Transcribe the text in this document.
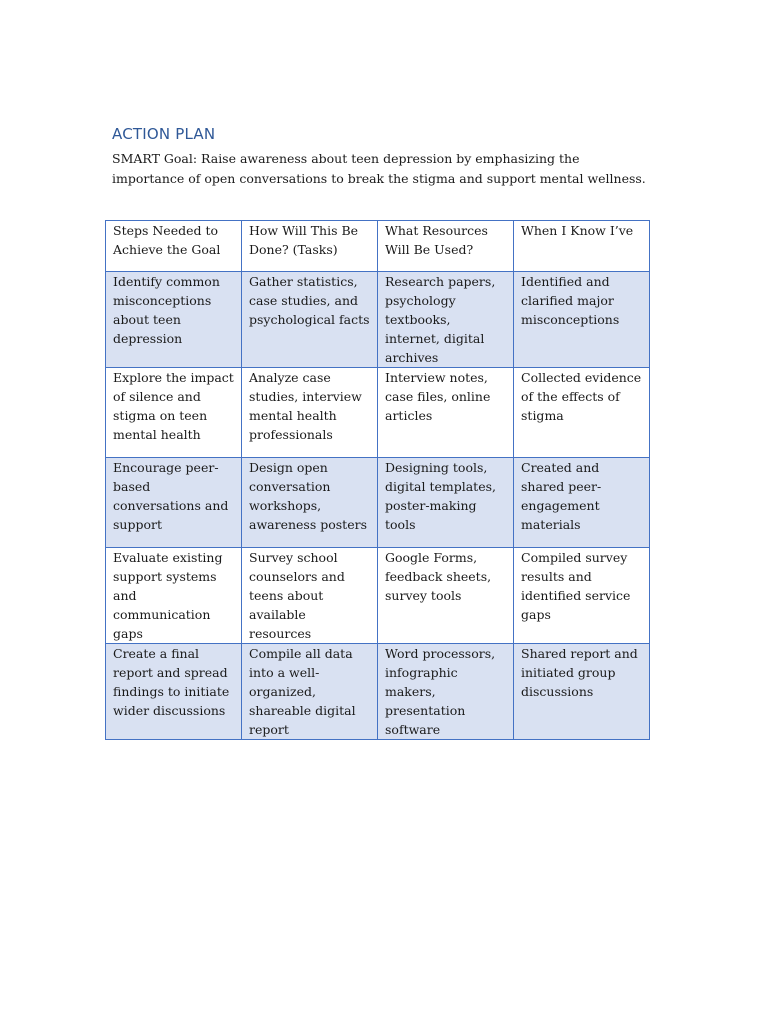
ACTION PLAN

SMART Goal: Raise awareness about teen depression by emphasizing the importance of open conversations to break the stigma and support mental wellness.

Steps Needed to Achieve the Goal	How Will This Be Done? (Tasks)	What Resources Will Be Used?	When I Know I’ve

Identify common misconceptions about teen depression	Gather statistics, case studies, and psychological facts	Research papers, psychology textbooks, internet, digital archives	Identified and clarified major misconceptions

Explore the impact of silence and stigma on teen mental health	Analyze case studies, interview mental health professionals	Interview notes, case files, online articles	Collected evidence of the effects of stigma

Encourage peer-based conversations and support	Design open conversation workshops, awareness posters	Designing tools, digital templates, poster-making tools	Created and shared peer-engagement materials

Evaluate existing support systems and communication gaps	Survey school counselors and teens about available resources	Google Forms, feedback sheets, survey tools	Compiled survey results and identified service gaps

Create a final report and spread findings to initiate wider discussions	Compile all data into a well-organized, shareable digital report	Word processors, infographic makers, presentation software	Shared report and initiated group discussions
